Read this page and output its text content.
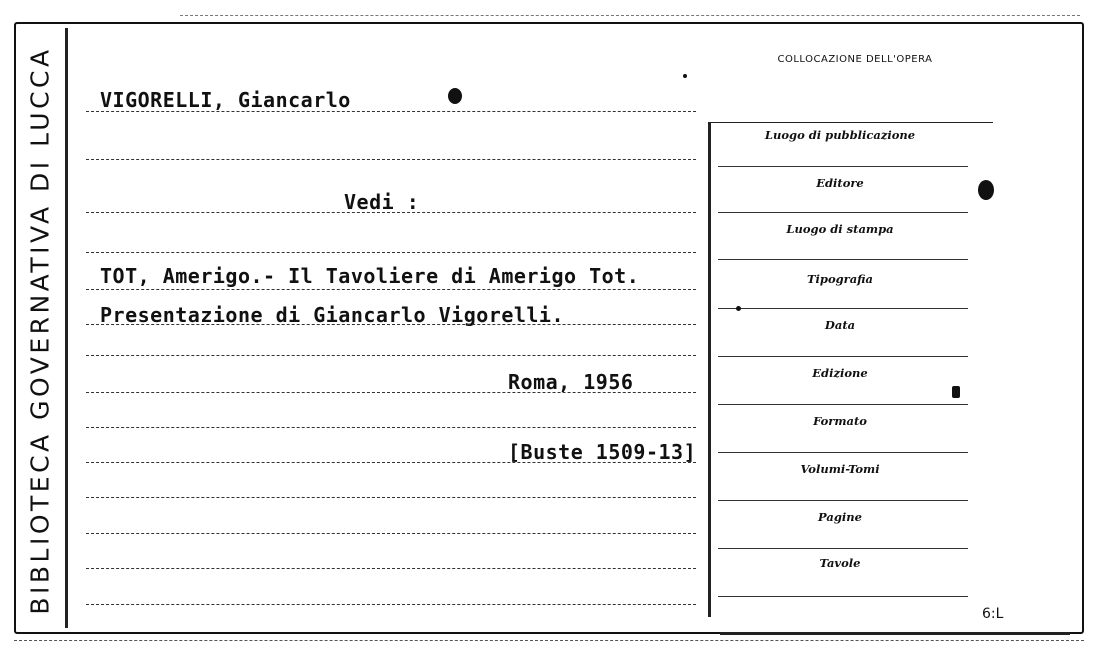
BIBLIOTECA GOVERNATIVA DI LUCCA VIGORELLI, Giancarlo
Vedi :
TOT, Amerigo.- Il Tavoliere di Amerigo Tot.
Presentazione di Giancarlo Vigorelli.
Roma, 1956
[Buste 1509-13]
COLLOCAZIONE DELL'OPERA
Luogo di pubblicazione
Editore
Luogo di stampa
Tipografia
Data
Edizione
Formato
Volumi-Tomi
Pagine
Tavole
6:L
